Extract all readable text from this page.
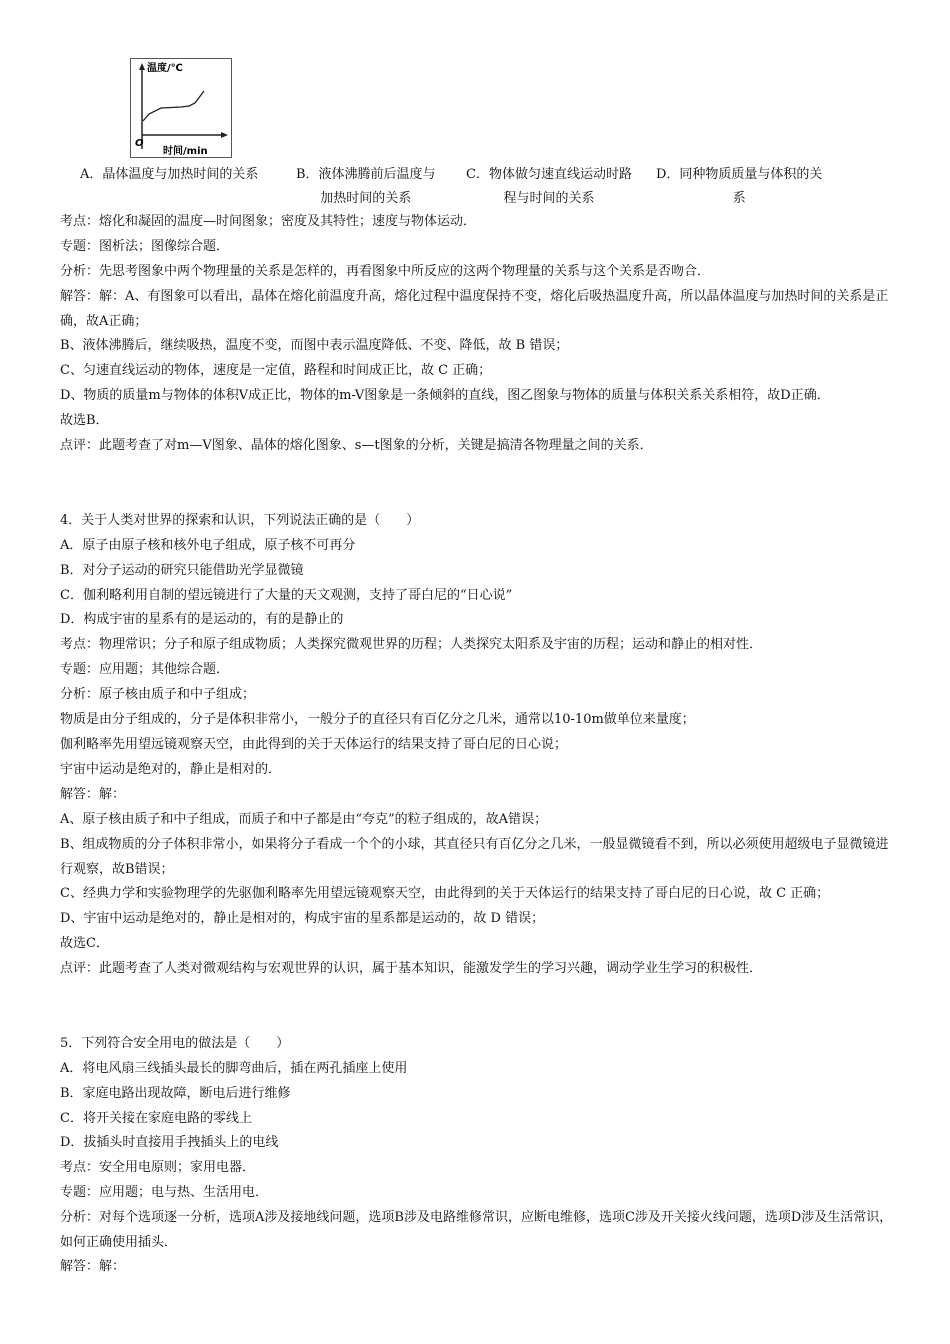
温度/℃
时间/min
O
A．晶体温度与加热时间的关系	B．液体沸腾前后温度与
加热时间的关系
C．物体做匀速直线运动时路
程与时间的关系
D．同种物质质量与体积的关
系
考点：熔化和凝固的温度—时间图象；密度及其特性；速度与物体运动．
专题：图析法；图像综合题．
分析：先思考图象中两个物理量的关系是怎样的，再看图象中所反应的这两个物理量的关系与这个关系是否吻合．
解答：解：A、有图象可以看出，晶体在熔化前温度升高，熔化过程中温度保持不变，熔化后吸热温度升高，所以晶体温度与加热时间的关系是正确，故A正确；
B、液体沸腾后，继续吸热，温度不变，而图中表示温度降低、不变、降低，故 B 错误；
C、匀速直线运动的物体，速度是一定值，路程和时间成正比，故 C 正确；
D、物质的质量m与物体的体积V成正比，物体的m-V图象是一条倾斜的直线，图乙图象与物体的质量与体积关系关系相符，故D正确．
故选B．
点评：此题考查了对m—V图象、晶体的熔化图象、s—t图象的分析，关键是搞清各物理量之间的关系．
4．关于人类对世界的探索和认识，下列说法正确的是（　　）
A．原子由原子核和核外电子组成，原子核不可再分
B．对分子运动的研究只能借助光学显微镜
C．伽利略利用自制的望远镜进行了大量的天文观测，支持了哥白尼的“日心说”
D．构成宇宙的星系有的是运动的，有的是静止的
考点：物理常识；分子和原子组成物质；人类探究微观世界的历程；人类探究太阳系及宇宙的历程；运动和静止的相对性．
专题：应用题；其他综合题．
分析：原子核由质子和中子组成；
物质是由分子组成的，分子是体积非常小，一般分子的直径只有百亿分之几米，通常以10-10m做单位来量度；
伽利略率先用望远镜观察天空，由此得到的关于天体运行的结果支持了哥白尼的日心说；
宇宙中运动是绝对的，静止是相对的．
解答：解：
A、原子核由质子和中子组成，而质子和中子都是由“夸克”的粒子组成的，故A错误；
B、组成物质的分子体积非常小，如果将分子看成一个个的小球，其直径只有百亿分之几米，一般显微镜看不到，所以必须使用超级电子显微镜进行观察，故B错误；
C、经典力学和实验物理学的先驱伽利略率先用望远镜观察天空，由此得到的关于天体运行的结果支持了哥白尼的日心说，故 C 正确；
D、宇宙中运动是绝对的，静止是相对的，构成宇宙的星系都是运动的，故 D 错误；
故选C．
点评：此题考查了人类对微观结构与宏观世界的认识，属于基本知识，能激发学生的学习兴趣，调动学业生学习的积极性．
5．下列符合安全用电的做法是（　　）
A．将电风扇三线插头最长的脚弯曲后，插在两孔插座上使用
B．家庭电路出现故障，断电后进行维修
C．将开关接在家庭电路的零线上
D．拔插头时直接用手拽插头上的电线
考点：安全用电原则；家用电器．
专题：应用题；电与热、生活用电．
分析：对每个选项逐一分析，选项A涉及接地线问题，选项B涉及电路维修常识，应断电维修，选项C涉及开关接火线问题，选项D涉及生活常识，如何正确使用插头．
解答：解：
